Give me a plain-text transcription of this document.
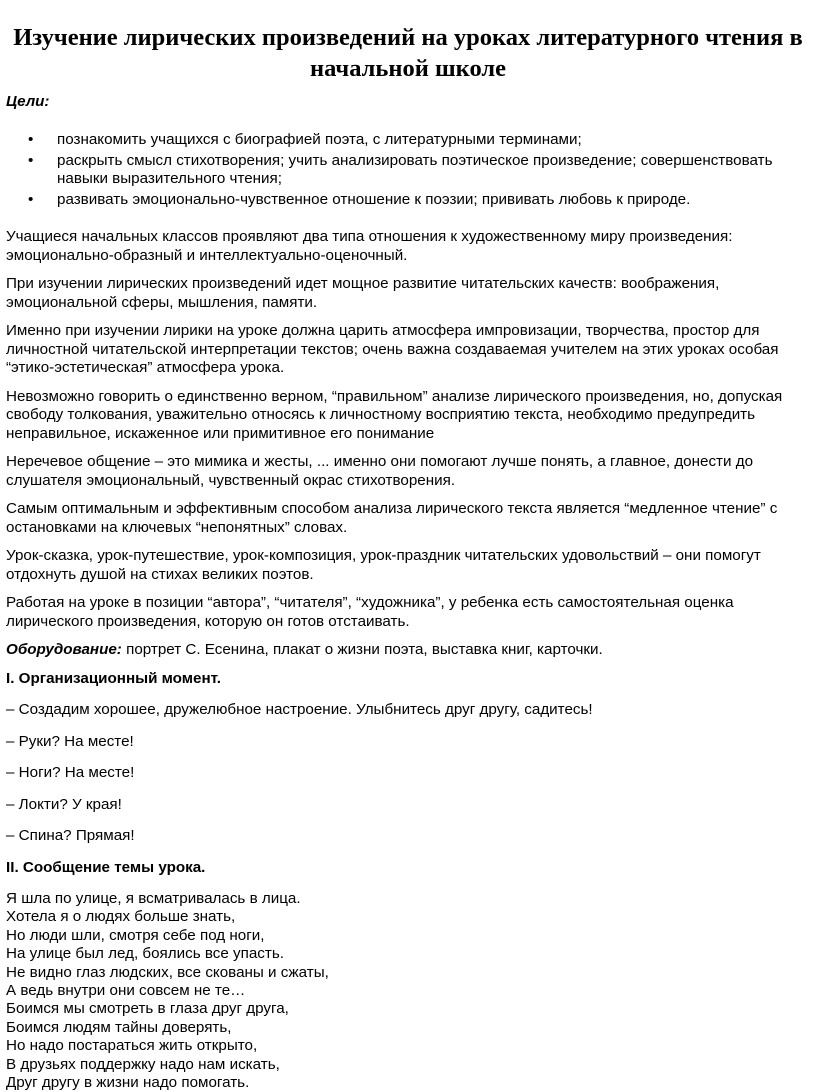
Изучение лирических произведений на уроках литературного чтения в начальной школе
Цели:
• познакомить учащихся с биографией поэта, с литературными терминами;
• раскрыть смысл стихотворения; учить анализировать поэтическое произведение; совершенствовать навыки выразительного чтения;
• развивать эмоционально-чувственное отношение к поэзии; прививать любовь к природе.

Учащиеся начальных классов проявляют два типа отношения к художественному миру произведения: эмоционально-образный и интеллектуально-оценочный.

При изучении лирических произведений идет мощное развитие читательских качеств: воображения, эмоциональной сферы, мышления, памяти.

Именно при изучении лирики на уроке должна царить атмосфера импровизации, творчества, простор для личностной читательской интерпретации текстов; очень важна создаваемая учителем на этих уроках особая “этико-эстетическая” атмосфера урока.

Невозможно говорить о единственно верном, “правильном” анализе лирического произведения, но, допуская свободу толкования, уважительно относясь к личностному восприятию текста, необходимо предупредить неправильное, искаженное или примитивное его понимание

Неречевое общение – это мимика и жесты, ... именно они помогают лучше понять, а главное, донести до слушателя эмоциональный, чувственный окрас стихотворения.

Самым оптимальным и эффективным способом анализа лирического текста является “медленное чтение” с остановками на ключевых “непонятных” словах.

Урок-сказка, урок-путешествие, урок-композиция, урок-праздник читательских удовольствий – они помогут отдохнуть душой на стихах великих поэтов.

Работая на уроке в позиции “автора”, “читателя”, “художника”, у ребенка есть самостоятельная оценка лирического произведения, которую он готов отстаивать.

Оборудование: портрет С. Есенина, плакат о жизни поэта, выставка книг, карточки.

I. Организационный момент.

– Создадим хорошее, дружелюбное настроение. Улыбнитесь друг другу, садитесь!

– Руки? На месте!

– Ноги? На месте!

– Локти? У края!

– Спина? Прямая!

II. Сообщение темы урока.

Я шла по улице, я всматривалась в лица.
Хотела я о людях больше знать,
Но люди шли, смотря себе под ноги,
На улице был лед, боялись все упасть.
Не видно глаз людских, все скованы и сжаты,
А ведь внутри они совсем не те…
Боимся мы смотреть в глаза друг друга,
Боимся людям тайны доверять,
Но надо постараться жить открыто,
В друзьях поддержку надо нам искать,
Друг другу в жизни надо помогать.
